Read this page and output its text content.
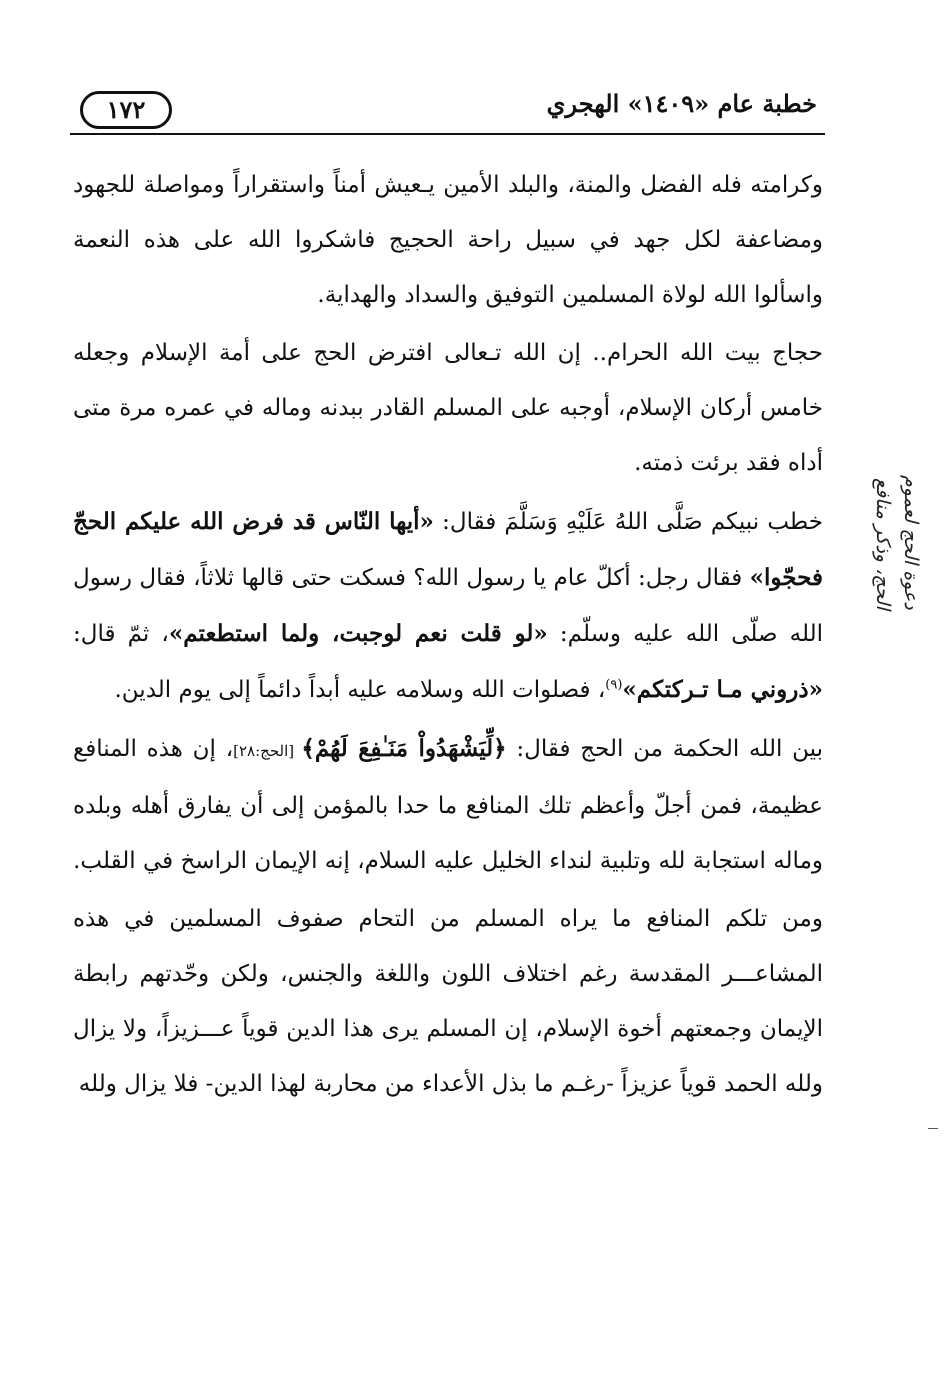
خطبة عام «١٤٠٩» الهجري
١٧٢
دعوة الحج لعموم
الحج، وذكر منافع

وكرامته فله الفضل والمنة، والبلد الأمين يـعيش أمناً واستقراراً ومواصلة للجهود ومضاعفة لكل جهد في سبيل راحة الحجيج فاشكروا الله على هذه النعمة واسألوا الله لولاة المسلمين التوفيق والسداد والهداية.

حجاج بيت الله الحرام.. إن الله تـعالى افترض الحج على أمة الإسلام وجعله خامس أركان الإسلام، أوجبه على المسلم القادر ببدنه وماله في عمره مرة متى أداه فقد برئت ذمته.

خطب نبيكم صَلَّى اللهُ عَلَيْهِ وَسَلَّمَ فقال: «أيها النّاس قد فرض الله عليكم الحجّ فحجّوا» فقال رجل: أكلّ عام يا رسول الله؟ فسكت حتى قالها ثلاثاً، فقال رسول الله صلّى الله عليه وسلّم: «لو قلت نعم لوجبت، ولما استطعتم»، ثمّ قال: «ذروني مـا تـركتكم»$^{(٩)}$، فصلوات الله وسلامه عليه أبداً دائماً إلى يوم الدين.

بين الله الحكمة من الحج فقال: ﴿لِّيَشْهَدُواْ مَنَـٰفِعَ لَهُمْ﴾ [الحج:٢٨]، إن هذه المنافع عظيمة، فمن أجلّ وأعظم تلك المنافع ما حدا بالمؤمن إلى أن يفارق أهله وبلده وماله استجابة لله وتلبية لنداء الخليل عليه السلام، إنه الإيمان الراسخ في القلب.

ومن تلكم المنافع ما يراه المسلم من التحام صفوف المسلمين في هذه المشاعـــر المقدسة رغم اختلاف اللون واللغة والجنس، ولكن وحّدتهم رابطة الإيمان وجمعتهم أخوة الإسلام، إن المسلم يرى هذا الدين قوياً عـــزيزاً، ولا يزال ولله الحمد قوياً عزيزاً -رغـم ما بذل الأعداء من محاربة لهذا الدين- فلا يزال ولله
